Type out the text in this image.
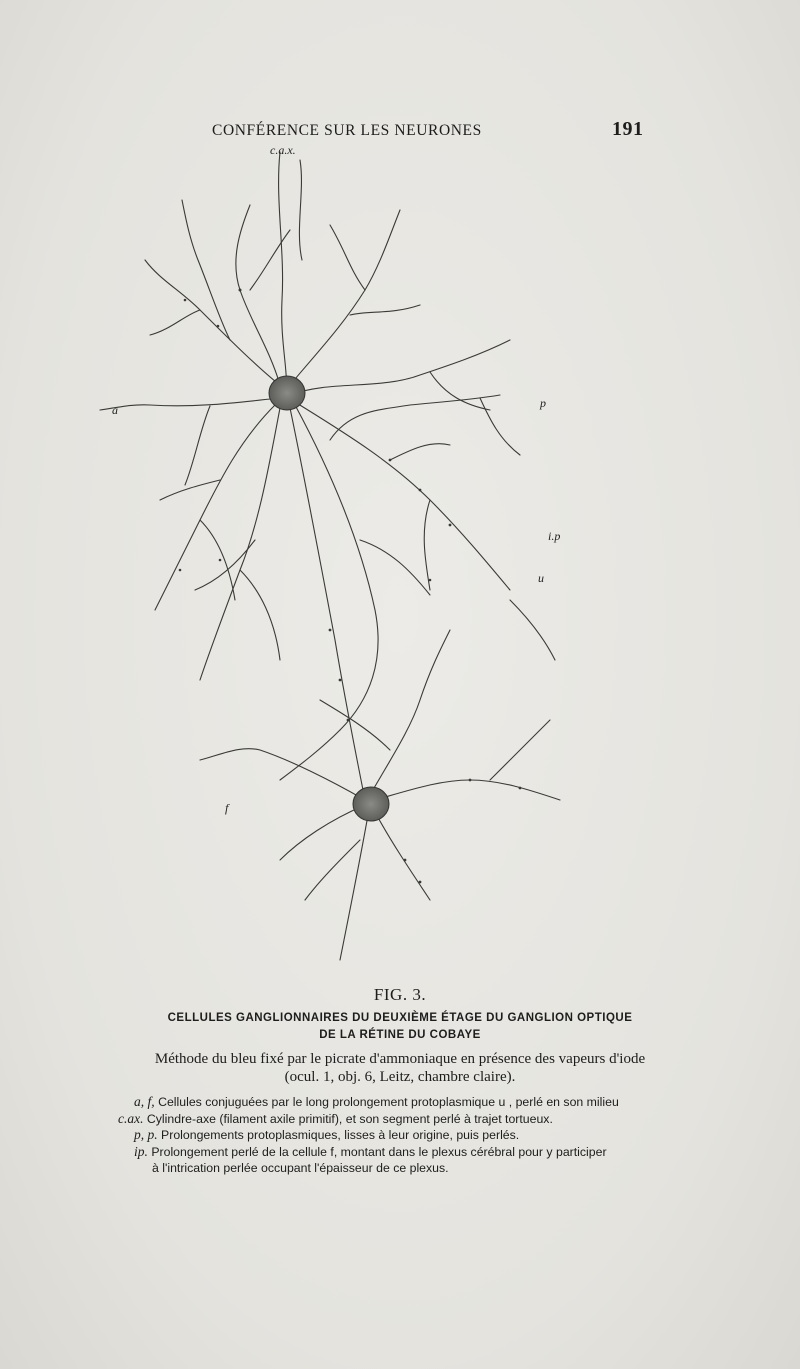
CONFÉRENCE SUR LES NEURONES	191
c.a.x.
a	p
i.p
u
f
FIG. 3.
CELLULES GANGLIONNAIRES DU DEUXIÈME ÉTAGE DU GANGLION OPTIQUE
DE LA RÉTINE DU COBAYE
Méthode du bleu fixé par le picrate d'ammoniaque en présence des vapeurs d'iode
(ocul. 1, obj. 6, Leitz, chambre claire).
a, f, Cellules conjuguées par le long prolongement protoplasmique u , perlé en son milieu
c.ax. Cylindre-axe (filament axile primitif), et son segment perlé à trajet tortueux.
p, p. Prolongements protoplasmiques, lisses à leur origine, puis perlés.
ip. Prolongement perlé de la cellule f, montant dans le plexus cérébral pour y participer
à l'intrication perlée occupant l'épaisseur de ce plexus.
